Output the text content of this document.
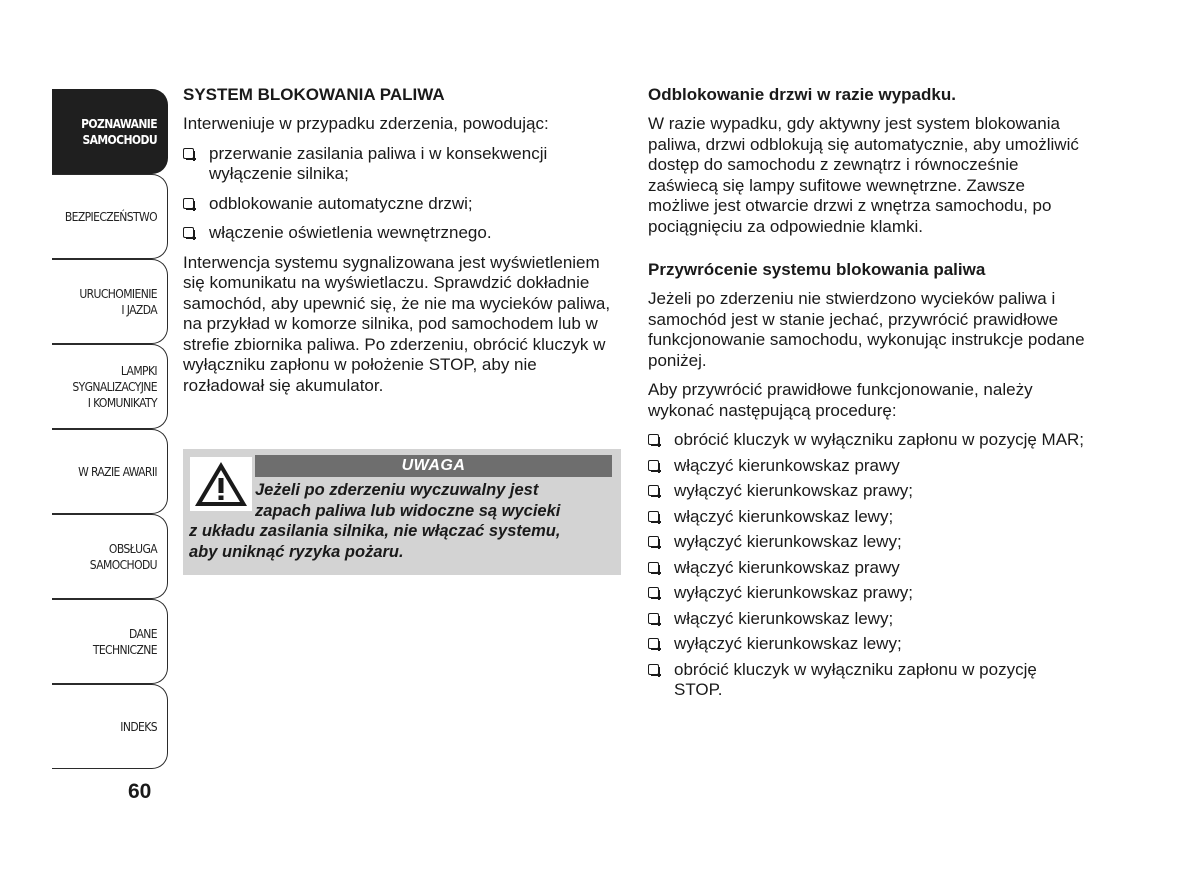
POZNAWANIE
SAMOCHODU
BEZPIECZEŃSTWO
URUCHOMIENIE
I JAZDA
LAMPKI
SYGNALIZACYJNE
I KOMUNIKATY
W RAZIE AWARII
OBSŁUGA
SAMOCHODU
DANE
TECHNICZNE
INDEKS
60
SYSTEM BLOKOWANIA PALIWA

Interweniuje w przypadku zderzenia, powodując:

przerwanie zasilania paliwa i w konsekwencji wyłączenie silnika;
odblokowanie automatyczne drzwi;
włączenie oświetlenia wewnętrznego.

Interwencja systemu sygnalizowana jest wyświetleniem się komunikatu na wyświetlaczu. Sprawdzić dokładnie samochód, aby upewnić się, że nie ma wycieków paliwa, na przykład w komorze silnika, pod samochodem lub w strefie zbiornika paliwa. Po zderzeniu, obrócić kluczyk w wyłączniku zapłonu w położenie STOP, aby nie rozładował się akumulator.

UWAGA
Jeżeli po zderzeniu wyczuwalny jest
zapach paliwa lub widoczne są wycieki
z układu zasilania silnika, nie włączać systemu,
aby uniknąć ryzyka pożaru.
Odblokowanie drzwi w razie wypadku.

W razie wypadku, gdy aktywny jest system blokowania paliwa, drzwi odblokują się automatycznie, aby umożliwić dostęp do samochodu z zewnątrz i równocześnie zaświecą się lampy sufitowe wewnętrzne. Zawsze możliwe jest otwarcie drzwi z wnętrza samochodu, po pociągnięciu za odpowiednie klamki.

Przywrócenie systemu blokowania paliwa

Jeżeli po zderzeniu nie stwierdzono wycieków paliwa i samochód jest w stanie jechać, przywrócić prawidłowe funkcjonowanie samochodu, wykonując instrukcje podane poniżej.

Aby przywrócić prawidłowe funkcjonowanie, należy wykonać następującą procedurę:

obrócić kluczyk w wyłączniku zapłonu w pozycję MAR;
włączyć kierunkowskaz prawy
wyłączyć kierunkowskaz prawy;
włączyć kierunkowskaz lewy;
wyłączyć kierunkowskaz lewy;
włączyć kierunkowskaz prawy
wyłączyć kierunkowskaz prawy;
włączyć kierunkowskaz lewy;
wyłączyć kierunkowskaz lewy;
obrócić kluczyk w wyłączniku zapłonu w pozycję STOP.
